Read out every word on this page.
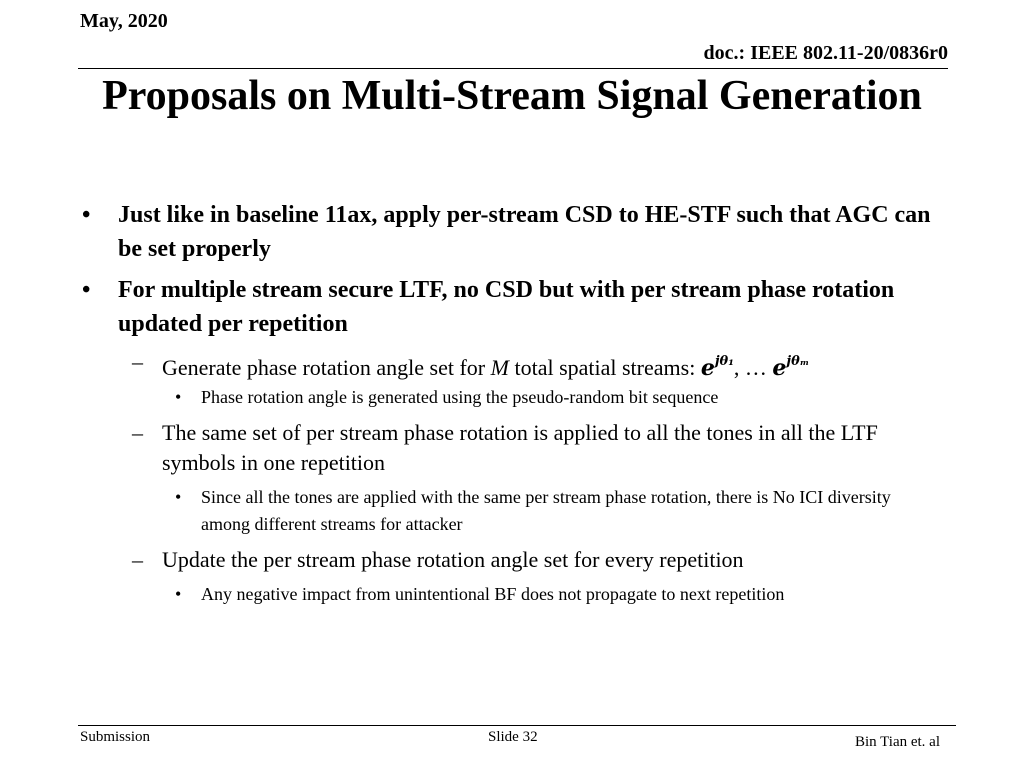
May, 2020
doc.: IEEE 802.11-20/0836r0
Proposals on Multi-Stream Signal Generation
• Just like in baseline 11ax, apply per-stream CSD to HE-STF such that AGC can be set properly
• For multiple stream secure LTF, no CSD but with per stream phase rotation updated per repetition
– Generate phase rotation angle set for M total spatial streams: $e^{j\theta_1}$, … $e^{j\theta_m}$
• Phase rotation angle is generated using the pseudo-random bit sequence
– The same set of per stream phase rotation is applied to all the tones in all the LTF symbols in one repetition
• Since all the tones are applied with the same per stream phase rotation, there is No ICI diversity among different streams for attacker
– Update the per stream phase rotation angle set for every repetition
• Any negative impact from unintentional BF does not propagate to next repetition
Submission	Slide 32	Bin Tian et. al
